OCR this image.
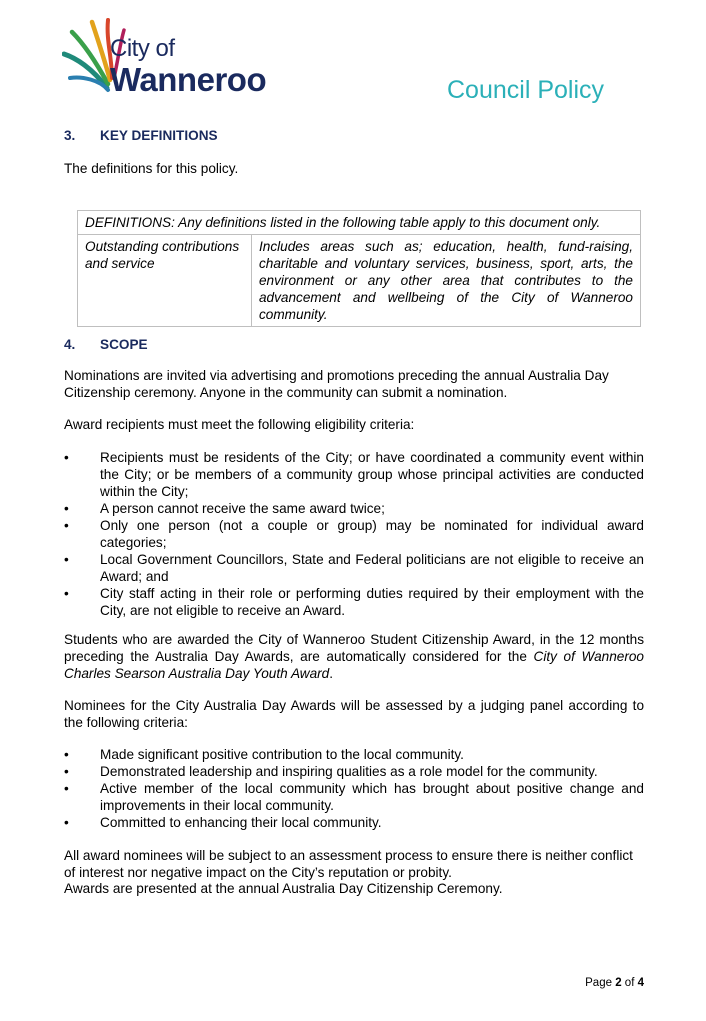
City of
Wanneroo	Council Policy
3. KEY DEFINITIONS
The definitions for this policy.
DEFINITIONS: Any definitions listed in the following table apply to this document only.
Outstanding contributions and service
Includes areas such as; education, health, fund-raising, charitable and voluntary services, business, sport, arts, the environment or any other area that contributes to the advancement and wellbeing of the City of Wanneroo community.
4. SCOPE
Nominations are invited via advertising and promotions preceding the annual Australia Day Citizenship ceremony. Anyone in the community can submit a nomination.
Award recipients must meet the following eligibility criteria:
•
Recipients must be residents of the City; or have coordinated a community event within the City; or be members of a community group whose principal activities are conducted within the City;
•
A person cannot receive the same award twice;
•
Only one person (not a couple or group) may be nominated for individual award categories;
•
Local Government Councillors, State and Federal politicians are not eligible to receive an Award; and
•
City staff acting in their role or performing duties required by their employment with the City, are not eligible to receive an Award.
Students who are awarded the City of Wanneroo Student Citizenship Award, in the 12 months preceding the Australia Day Awards, are automatically considered for the City of Wanneroo Charles Searson Australia Day Youth Award.
Nominees for the City Australia Day Awards will be assessed by a judging panel according to the following criteria:
•
Made significant positive contribution to the local community.
•
Demonstrated leadership and inspiring qualities as a role model for the community.
•
Active member of the local community which has brought about positive change and improvements in their local community.
•
Committed to enhancing their local community.
All award nominees will be subject to an assessment process to ensure there is neither conflict of interest nor negative impact on the City’s reputation or probity.
Awards are presented at the annual Australia Day Citizenship Ceremony.
Page 2 of 4
